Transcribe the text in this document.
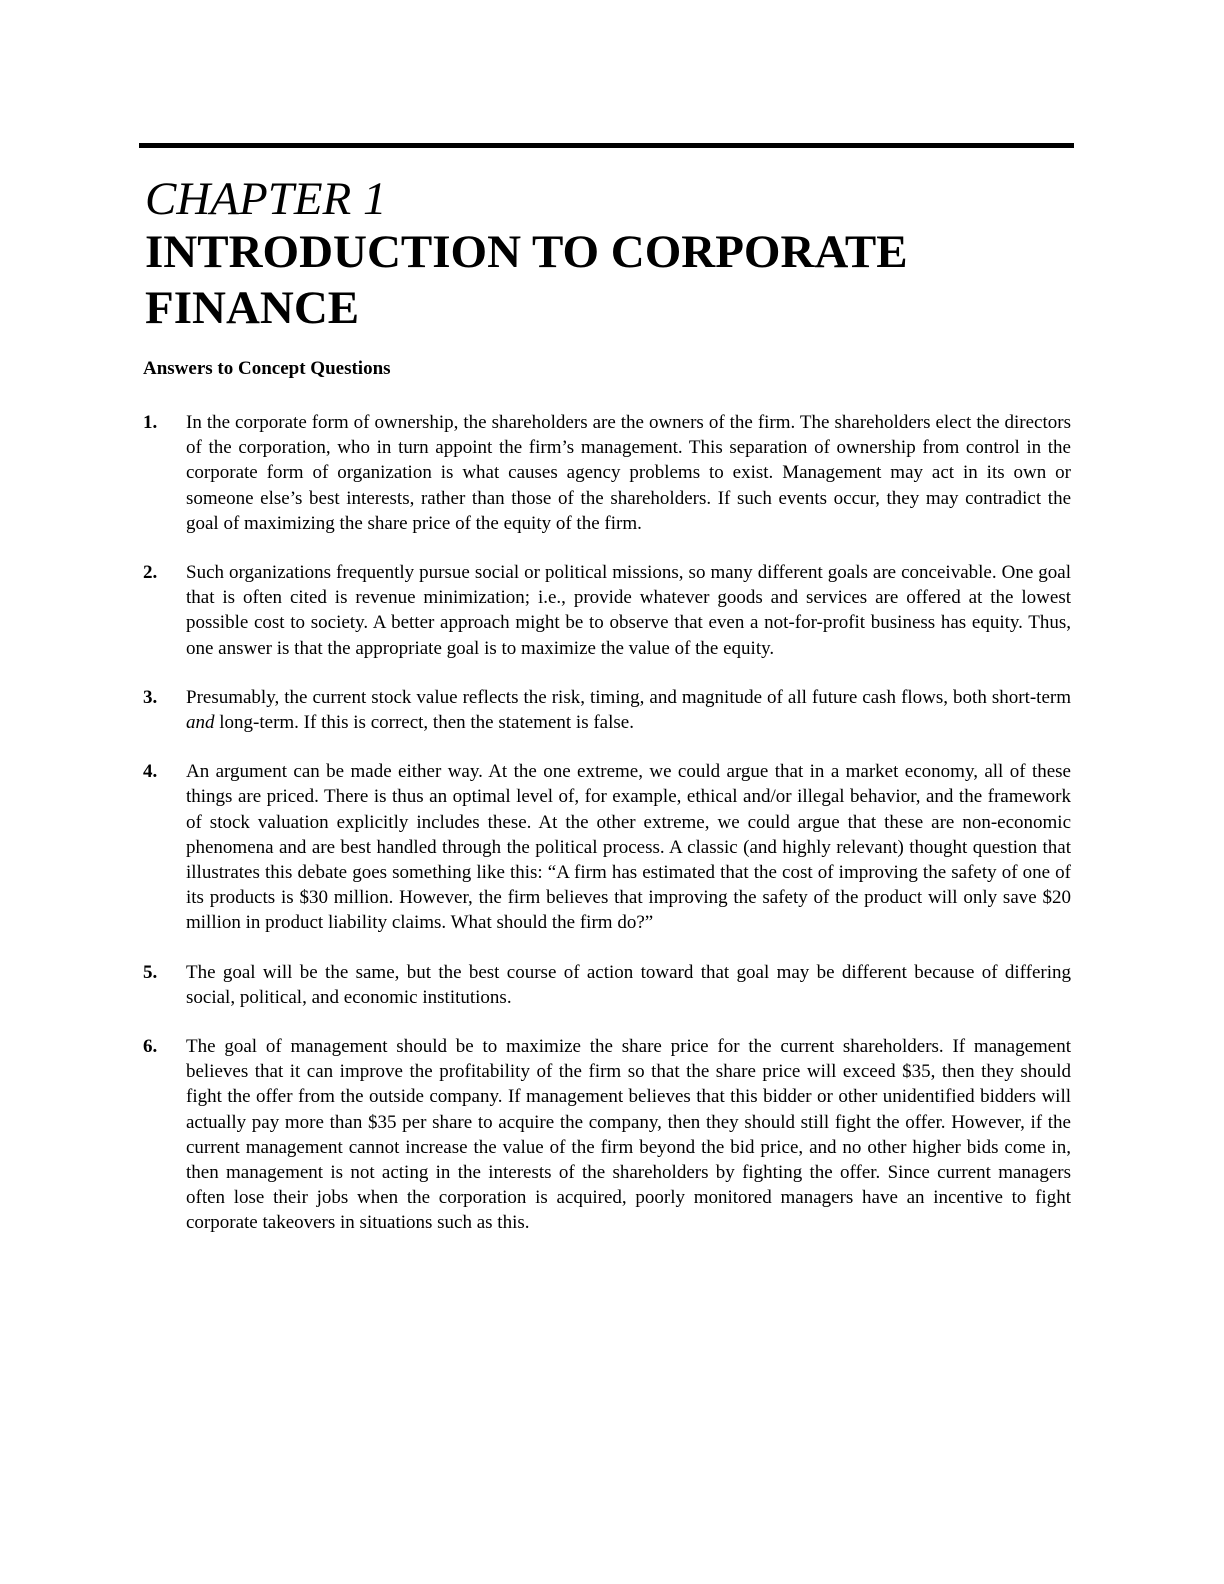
CHAPTER 1
INTRODUCTION TO CORPORATE FINANCE
Answers to Concept Questions
1. In the corporate form of ownership, the shareholders are the owners of the firm. The shareholders elect the directors of the corporation, who in turn appoint the firm’s management. This separation of ownership from control in the corporate form of organization is what causes agency problems to exist. Management may act in its own or someone else’s best interests, rather than those of the shareholders. If such events occur, they may contradict the goal of maximizing the share price of the equity of the firm.
2. Such organizations frequently pursue social or political missions, so many different goals are conceivable. One goal that is often cited is revenue minimization; i.e., provide whatever goods and services are offered at the lowest possible cost to society. A better approach might be to observe that even a not-for-profit business has equity. Thus, one answer is that the appropriate goal is to maximize the value of the equity.
3. Presumably, the current stock value reflects the risk, timing, and magnitude of all future cash flows, both short-term and long-term. If this is correct, then the statement is false.
4. An argument can be made either way. At the one extreme, we could argue that in a market economy, all of these things are priced. There is thus an optimal level of, for example, ethical and/or illegal behavior, and the framework of stock valuation explicitly includes these. At the other extreme, we could argue that these are non-economic phenomena and are best handled through the political process. A classic (and highly relevant) thought question that illustrates this debate goes something like this: “A firm has estimated that the cost of improving the safety of one of its products is $30 million. However, the firm believes that improving the safety of the product will only save $20 million in product liability claims. What should the firm do?”
5. The goal will be the same, but the best course of action toward that goal may be different because of differing social, political, and economic institutions.
6. The goal of management should be to maximize the share price for the current shareholders. If management believes that it can improve the profitability of the firm so that the share price will exceed $35, then they should fight the offer from the outside company. If management believes that this bidder or other unidentified bidders will actually pay more than $35 per share to acquire the company, then they should still fight the offer. However, if the current management cannot increase the value of the firm beyond the bid price, and no other higher bids come in, then management is not acting in the interests of the shareholders by fighting the offer. Since current managers often lose their jobs when the corporation is acquired, poorly monitored managers have an incentive to fight corporate takeovers in situations such as this.
